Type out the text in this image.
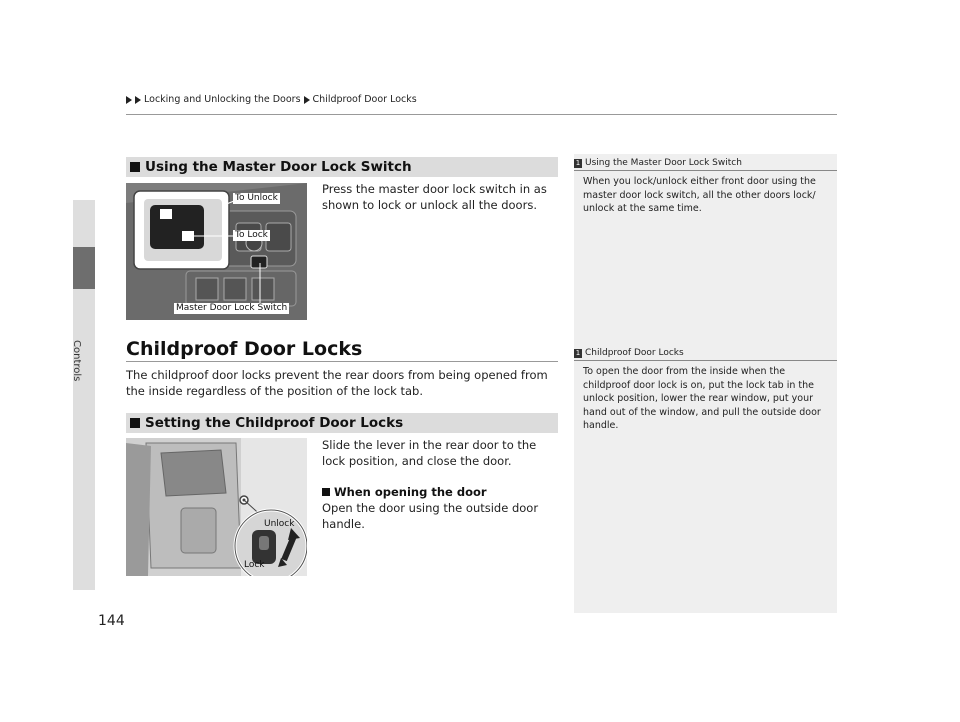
Controls
144
Locking and Unlocking the Doors Childproof Door Locks
Using the Master Door Lock Switch
To Unlock
To Lock
Master Door Lock Switch
Press the master door lock switch in as shown to lock or unlock all the doors.
Childproof Door Locks
The childproof door locks prevent the rear doors from being opened from the inside regardless of the position of the lock tab.
Setting the Childproof Door Locks
Unlock
Lock
Slide the lever in the rear door to the lock position, and close the door.
When opening the door
Open the door using the outside door handle.
1 Using the Master Door Lock Switch
When you lock/unlock either front door using the master door lock switch, all the other doors lock/ unlock at the same time.
1 Childproof Door Locks
To open the door from the inside when the childproof door lock is on, put the lock tab in the unlock position, lower the rear window, put your hand out of the window, and pull the outside door handle.
